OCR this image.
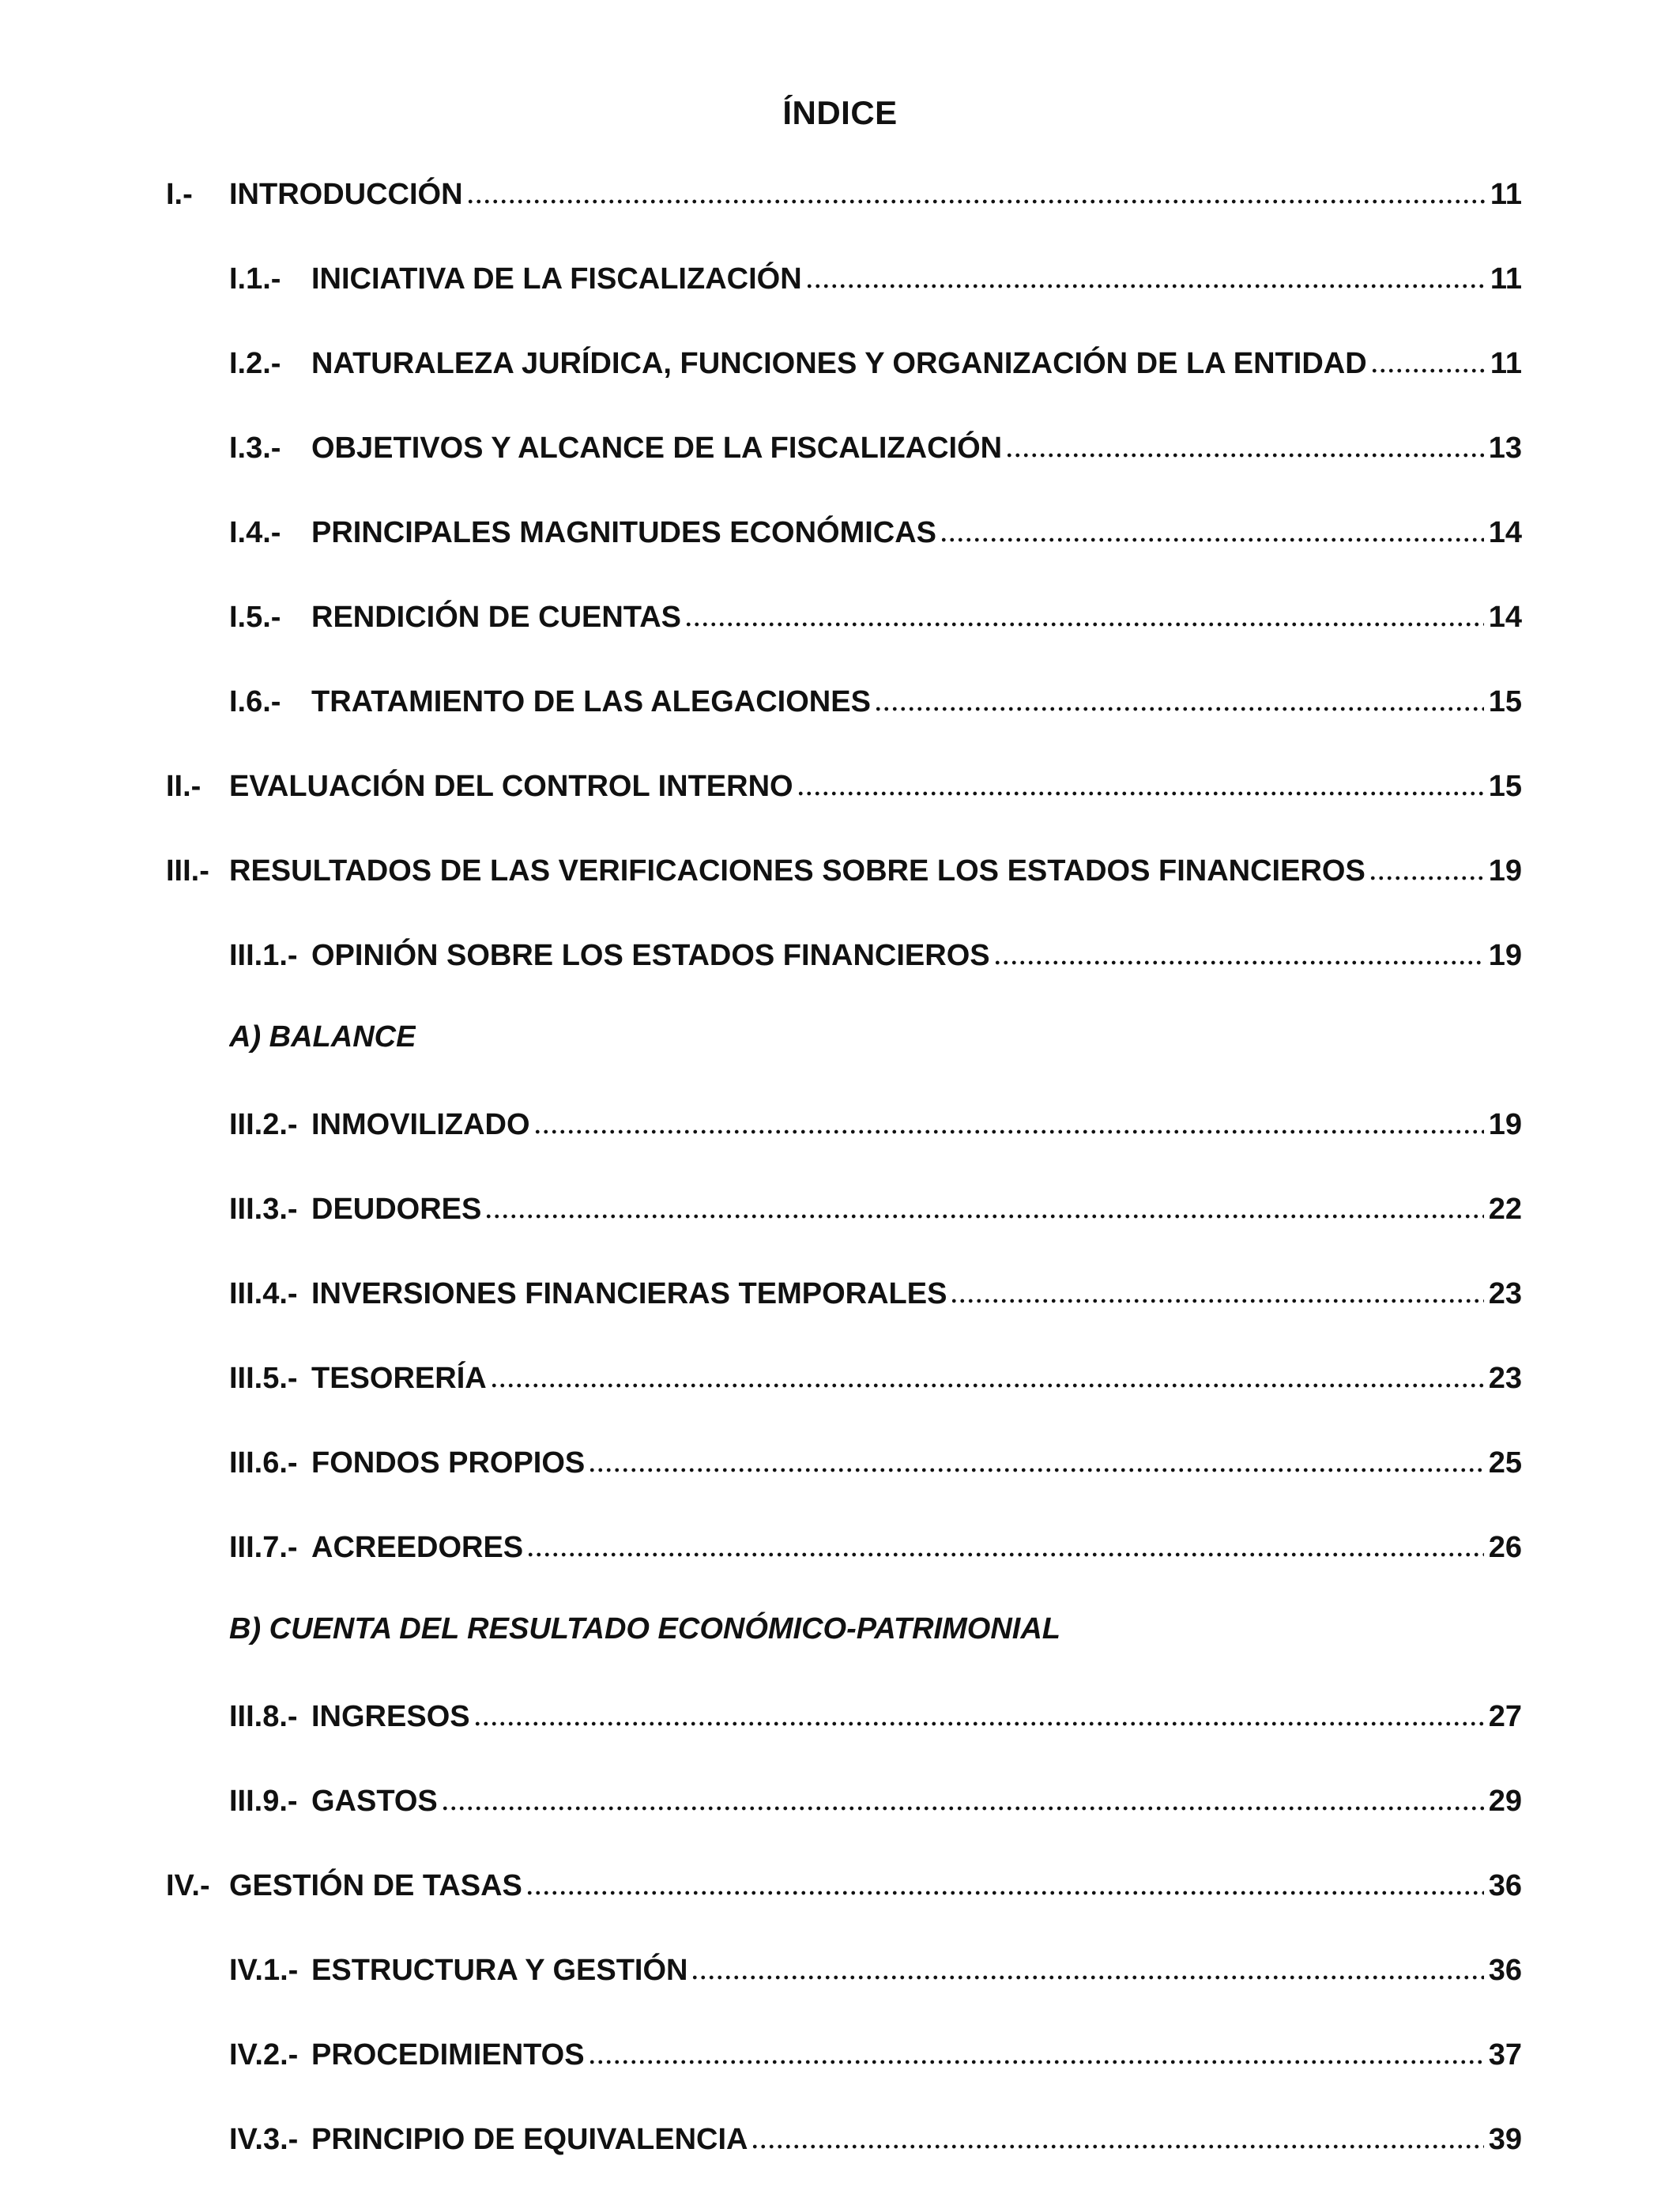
ÍNDICE
I.-	INTRODUCCIÓN	11
I.1.-	INICIATIVA DE LA FISCALIZACIÓN	11
I.2.-	NATURALEZA JURÍDICA, FUNCIONES Y ORGANIZACIÓN DE LA ENTIDAD	11
I.3.-	OBJETIVOS Y ALCANCE DE LA FISCALIZACIÓN	13
I.4.-	PRINCIPALES MAGNITUDES ECONÓMICAS	14
I.5.-	RENDICIÓN DE CUENTAS	14
I.6.-	TRATAMIENTO DE LAS ALEGACIONES	15
II.- EVALUACIÓN DEL CONTROL INTERNO	15
III.- RESULTADOS DE LAS VERIFICACIONES SOBRE LOS ESTADOS FINANCIEROS	19
III.1.- OPINIÓN SOBRE LOS ESTADOS FINANCIEROS	19
A) BALANCE
III.2.- INMOVILIZADO	19
III.3.- DEUDORES	22
III.4.- INVERSIONES FINANCIERAS TEMPORALES	23
III.5.- TESORERÍA	23
III.6.- FONDOS PROPIOS	25
III.7.- ACREEDORES	26
B) CUENTA DEL RESULTADO ECONÓMICO-PATRIMONIAL
III.8.- INGRESOS	27
III.9.- GASTOS	29
IV.- GESTIÓN DE TASAS	36
IV.1.- ESTRUCTURA Y GESTIÓN	36
IV.2.- PROCEDIMIENTOS	37
IV.3.- PRINCIPIO DE EQUIVALENCIA	39
